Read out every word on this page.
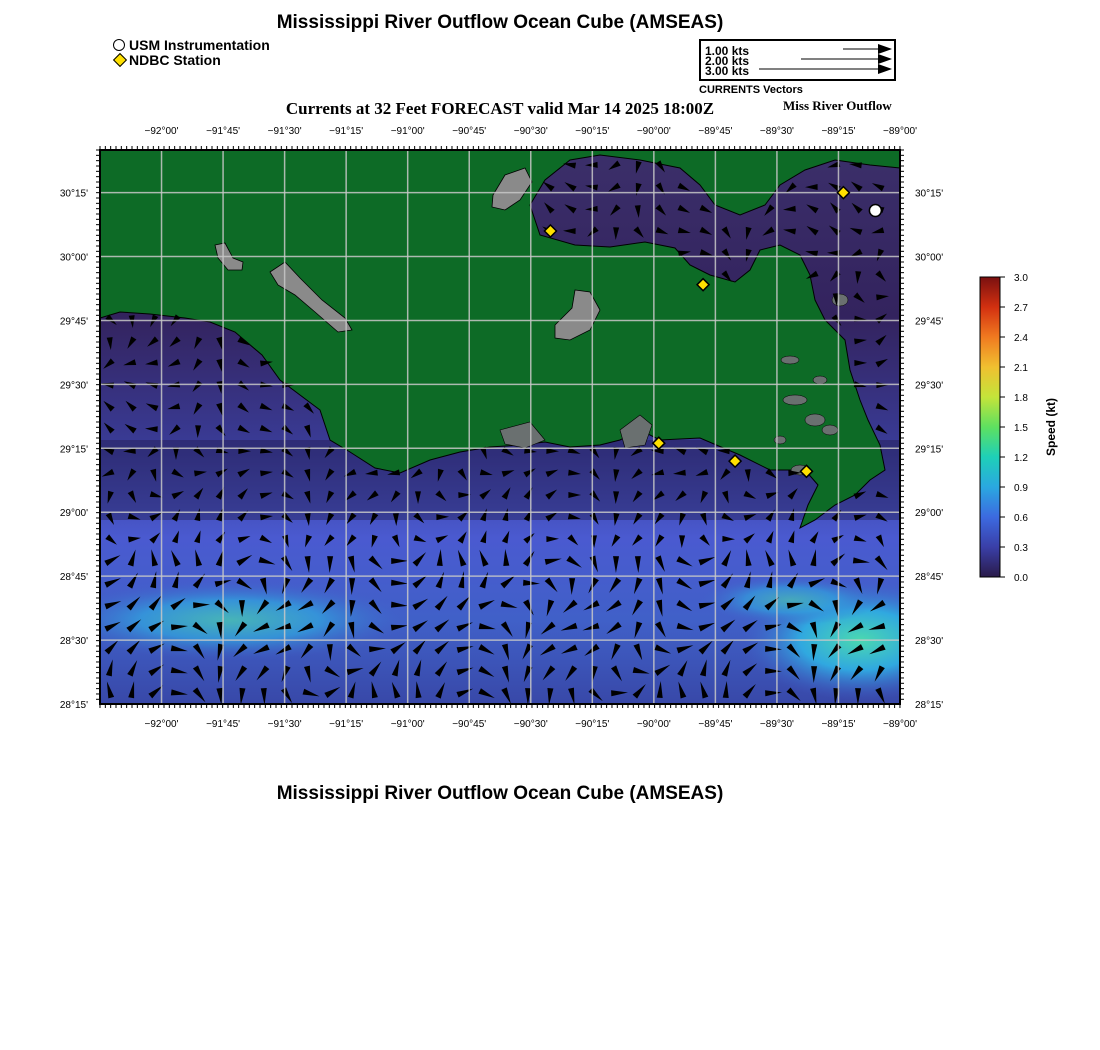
Mississippi River Outflow Ocean Cube (AMSEAS)
USM Instrumentation
NDBC Station
1.00 kts
2.00 kts
3.00 kts
CURRENTS Vectors
Currents at 32 Feet FORECAST valid Mar 14 2025 18:00Z	Miss River Outflow
Mississippi River Outflow Ocean Cube (AMSEAS)
−92°00'
−92°00'
−91°45'
−91°45'
−91°30'
−91°30'
−91°15'
−91°15'
−91°00'
−91°00'
−90°45'
−90°45'
−90°30'
−90°30'
−90°15'
−90°15'
−90°00'
−90°00'
−89°45'
−89°45'
−89°30'
−89°30'
−89°15'
−89°15'
−89°00'
−89°00'
30°15'	30°15'
30°00'	30°00'
29°45'	29°45'
29°30'	29°30'
29°15'	29°15'
29°00'	29°00'
28°45'	28°45'
28°30'	28°30'
28°15'	28°15'
3.0
2.7
2.4
2.1
1.8
1.5
1.2
0.9
0.6
0.3
0.0
Speed (kt)
